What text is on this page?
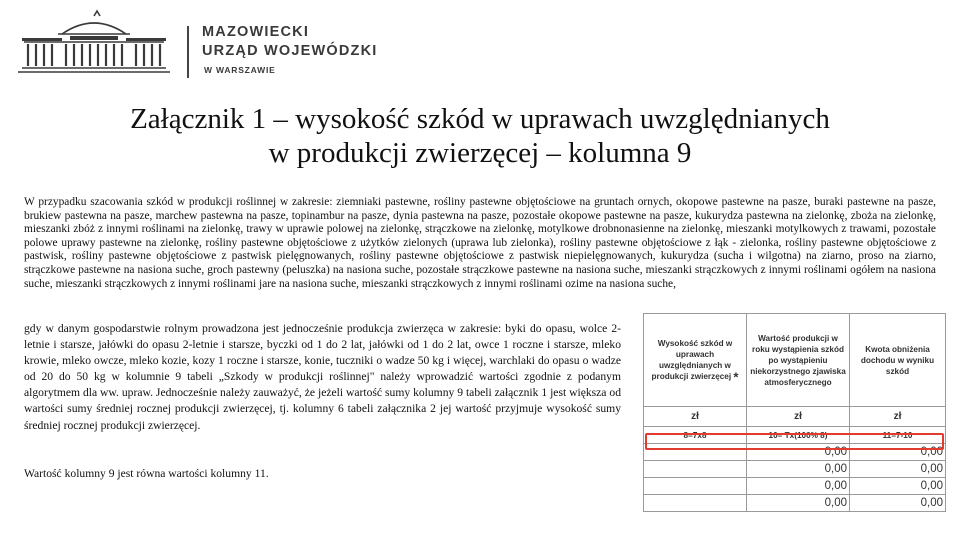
MAZOWIECKI
URZĄD WOJEWÓDZKI
W WARSZAWIE
Załącznik 1 – wysokość szkód w uprawach uwzględnianych
w produkcji zwierzęcej – kolumna 9

W przypadku szacowania szkód w produkcji roślinnej w zakresie: ziemniaki pastewne, rośliny pastewne objętościowe na gruntach ornych, okopowe pastewne na pasze, buraki pastewne na pasze, brukiew pastewna na pasze, marchew pastewna na pasze, topinambur na pasze, dynia pastewna na pasze, pozostałe okopowe pastewne na pasze, kukurydza pastewna na zielonkę, zboża na zielonkę, mieszanki zbóż z innymi roślinami na zielonkę, trawy w uprawie polowej na zielonkę, strączkowe na zielonkę, motylkowe drobnonasienne na zielonkę, mieszanki motylkowych z trawami, pozostałe polowe uprawy pastewne na zielonkę, rośliny pastewne objętościowe z użytków zielonych (uprawa lub zielonka), rośliny pastewne objętościowe z łąk - zielonka, rośliny pastewne objętościowe z pastwisk, rośliny pastewne objętościowe z pastwisk pielęgnowanych, rośliny pastewne objętościowe z pastwisk niepielęgnowanych, kukurydza (sucha i wilgotna) na ziarno, proso na ziarno, strączkowe pastewne na nasiona suche, groch pastewny (peluszka) na nasiona suche, pozostałe strączkowe pastewne na nasiona suche, mieszanki strączkowych z innymi roślinami ogółem na nasiona suche, mieszanki strączkowych z innymi roślinami jare na nasiona suche, mieszanki strączkowych z innymi roślinami ozime na nasiona suche,

gdy w danym gospodarstwie rolnym prowadzona jest jednocześnie produkcja zwierzęca w zakresie: byki do opasu, wolce 2-letnie i starsze, jałówki do opasu 2-letnie i starsze, byczki od 1 do 2 lat, jałówki od 1 do 2 lat, owce 1 roczne i starsze, mleko krowie, mleko owcze, mleko kozie, kozy 1 roczne i starsze, konie, tuczniki o wadze 50 kg i więcej, warchlaki do opasu o wadze od 20 do 50 kg w kolumnie 9 tabeli „Szkody w produkcji roślinnej" należy wprowadzić wartości zgodnie z podanym algorytmem dla ww. upraw. Jednocześnie należy zauważyć, że jeżeli wartość sumy kolumny 9 tabeli załącznik 1 jest większa od wartości sumy średniej rocznej produkcji zwierzęcej, tj. kolumny 6 tabeli załącznika 2 jej wartość przyjmuje wysokość sumy średniej rocznej produkcji zwierzęcej.

Wartość kolumny 9 jest równa wartości kolumny 11.

Wysokość szkód w uprawach uwzględnianych w produkcji zwierzęcej *	Wartość produkcji w roku wystąpienia szkód po wystąpieniu niekorzystnego zjawiska atmosferycznego	Kwota obniżenia dochodu w wyniku szkód
zł	zł	zł
8=7x8	10= Tx(100% 8)	11=7-10
	0,00	0,00
	0,00	0,00
	0,00	0,00
	0,00	0,00
